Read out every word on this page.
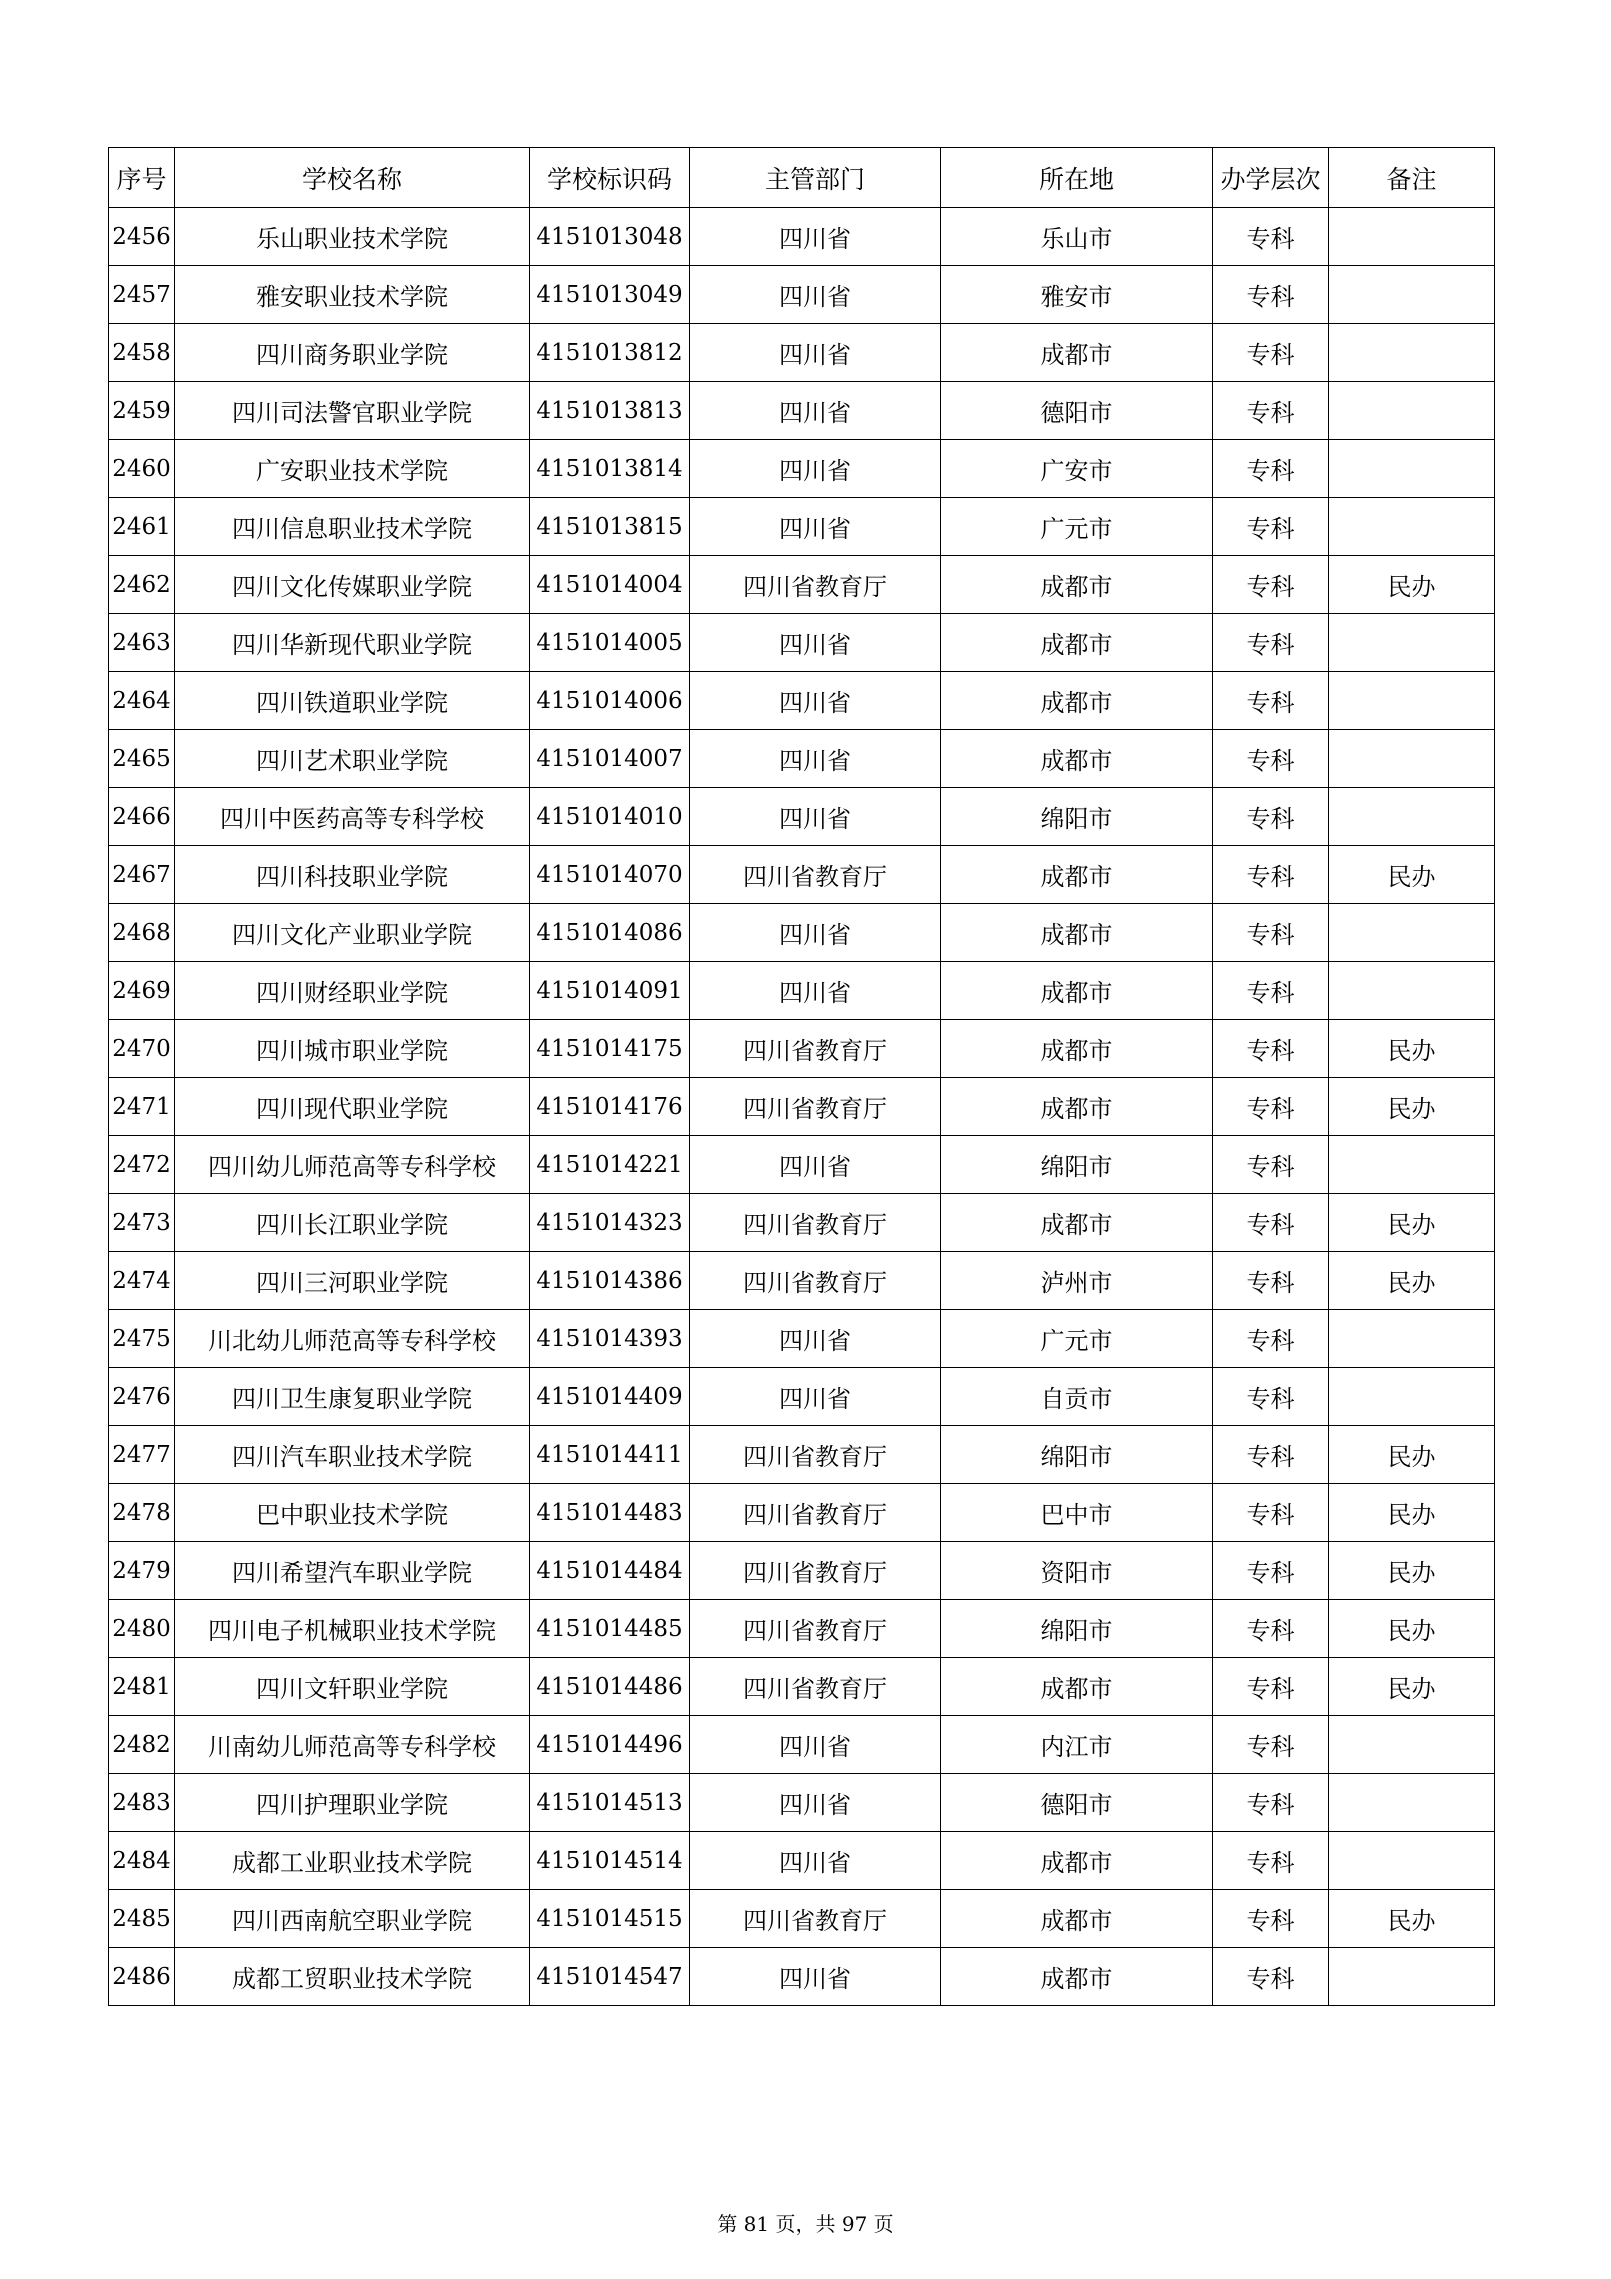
序号	学校名称	学校标识码	主管部门	所在地	办学层次	备注
2456	乐山职业技术学院	4151013048	四川省	乐山市	专科	
2457	雅安职业技术学院	4151013049	四川省	雅安市	专科	
2458	四川商务职业学院	4151013812	四川省	成都市	专科	
2459	四川司法警官职业学院	4151013813	四川省	德阳市	专科	
2460	广安职业技术学院	4151013814	四川省	广安市	专科	
2461	四川信息职业技术学院	4151013815	四川省	广元市	专科	
2462	四川文化传媒职业学院	4151014004	四川省教育厅	成都市	专科	民办
2463	四川华新现代职业学院	4151014005	四川省	成都市	专科	
2464	四川铁道职业学院	4151014006	四川省	成都市	专科	
2465	四川艺术职业学院	4151014007	四川省	成都市	专科	
2466	四川中医药高等专科学校	4151014010	四川省	绵阳市	专科	
2467	四川科技职业学院	4151014070	四川省教育厅	成都市	专科	民办
2468	四川文化产业职业学院	4151014086	四川省	成都市	专科	
2469	四川财经职业学院	4151014091	四川省	成都市	专科	
2470	四川城市职业学院	4151014175	四川省教育厅	成都市	专科	民办
2471	四川现代职业学院	4151014176	四川省教育厅	成都市	专科	民办
2472	四川幼儿师范高等专科学校	4151014221	四川省	绵阳市	专科	
2473	四川长江职业学院	4151014323	四川省教育厅	成都市	专科	民办
2474	四川三河职业学院	4151014386	四川省教育厅	泸州市	专科	民办
2475	川北幼儿师范高等专科学校	4151014393	四川省	广元市	专科	
2476	四川卫生康复职业学院	4151014409	四川省	自贡市	专科	
2477	四川汽车职业技术学院	4151014411	四川省教育厅	绵阳市	专科	民办
2478	巴中职业技术学院	4151014483	四川省教育厅	巴中市	专科	民办
2479	四川希望汽车职业学院	4151014484	四川省教育厅	资阳市	专科	民办
2480	四川电子机械职业技术学院	4151014485	四川省教育厅	绵阳市	专科	民办
2481	四川文轩职业学院	4151014486	四川省教育厅	成都市	专科	民办
2482	川南幼儿师范高等专科学校	4151014496	四川省	内江市	专科	
2483	四川护理职业学院	4151014513	四川省	德阳市	专科	
2484	成都工业职业技术学院	4151014514	四川省	成都市	专科	
2485	四川西南航空职业学院	4151014515	四川省教育厅	成都市	专科	民办
2486	成都工贸职业技术学院	4151014547	四川省	成都市	专科	
第 81 页，共 97 页
